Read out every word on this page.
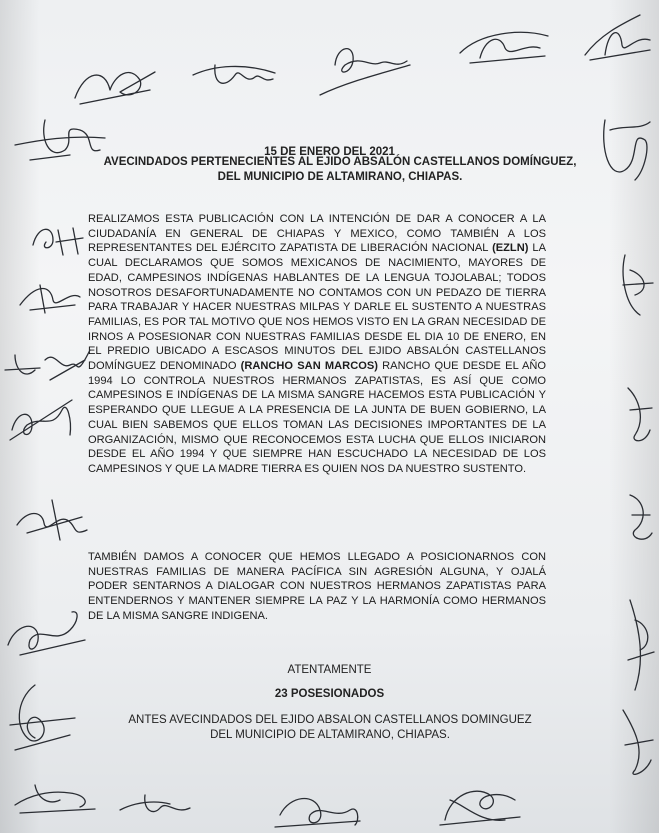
15 DE ENERO DEL 2021
AVECINDADOS PERTENECIENTES AL EJIDO ABSALÓN CASTELLANOS DOMÍNGUEZ, DEL MUNICIPIO DE ALTAMIRANO, CHIAPAS.

REALIZAMOS ESTA PUBLICACIÓN CON LA INTENCIÓN DE DAR A CONOCER A LA CIUDADANÍA EN GENERAL DE CHIAPAS Y MEXICO, COMO TAMBIÉN A LOS REPRESENTANTES DEL EJÉRCITO ZAPATISTA DE LIBERACIÓN NACIONAL (EZLN) LA CUAL DECLARAMOS QUE SOMOS MEXICANOS DE NACIMIENTO, MAYORES DE EDAD, CAMPESINOS INDÍGENAS HABLANTES DE LA LENGUA TOJOLABAL; TODOS NOSOTROS DESAFORTUNADAMENTE NO CONTAMOS CON UN PEDAZO DE TIERRA PARA TRABAJAR Y HACER NUESTRAS MILPAS Y DARLE EL SUSTENTO A NUESTRAS FAMILIAS, ES POR TAL MOTIVO QUE NOS HEMOS VISTO EN LA GRAN NECESIDAD DE IRNOS A POSESIONAR CON NUESTRAS FAMILIAS DESDE EL DIA 10 DE ENERO, EN EL PREDIO UBICADO A ESCASOS MINUTOS DEL EJIDO ABSALÓN CASTELLANOS DOMÍNGUEZ DENOMINADO (RANCHO SAN MARCOS) RANCHO QUE DESDE EL AÑO 1994 LO CONTROLA NUESTROS HERMANOS ZAPATISTAS, ES ASÍ QUE COMO CAMPESINOS E INDÍGENAS DE LA MISMA SANGRE HACEMOS ESTA PUBLICACIÓN Y ESPERANDO QUE LLEGUE A LA PRESENCIA DE LA JUNTA DE BUEN GOBIERNO, LA CUAL BIEN SABEMOS QUE ELLOS TOMAN LAS DECISIONES IMPORTANTES DE LA ORGANIZACIÓN, MISMO QUE RECONOCEMOS ESTA LUCHA QUE ELLOS INICIARON DESDE EL AÑO 1994 Y QUE SIEMPRE HAN ESCUCHADO LA NECESIDAD DE LOS CAMPESINOS Y QUE LA MADRE TIERRA ES QUIEN NOS DA NUESTRO SUSTENTO.

TAMBIÉN DAMOS A CONOCER QUE HEMOS LLEGADO A POSICIONARNOS CON NUESTRAS FAMILIAS DE MANERA PACÍFICA SIN AGRESIÓN ALGUNA, Y OJALÁ PODER SENTARNOS A DIALOGAR CON NUESTROS HERMANOS ZAPATISTAS PARA ENTENDERNOS Y MANTENER SIEMPRE LA PAZ Y LA HARMONÍA COMO HERMANOS DE LA MISMA SANGRE INDIGENA.

ATENTAMENTE
23 POSESIONADOS
ANTES AVECINDADOS DEL EJIDO ABSALON CASTELLANOS DOMINGUEZ
DEL MUNICIPIO DE ALTAMIRANO, CHIAPAS.
